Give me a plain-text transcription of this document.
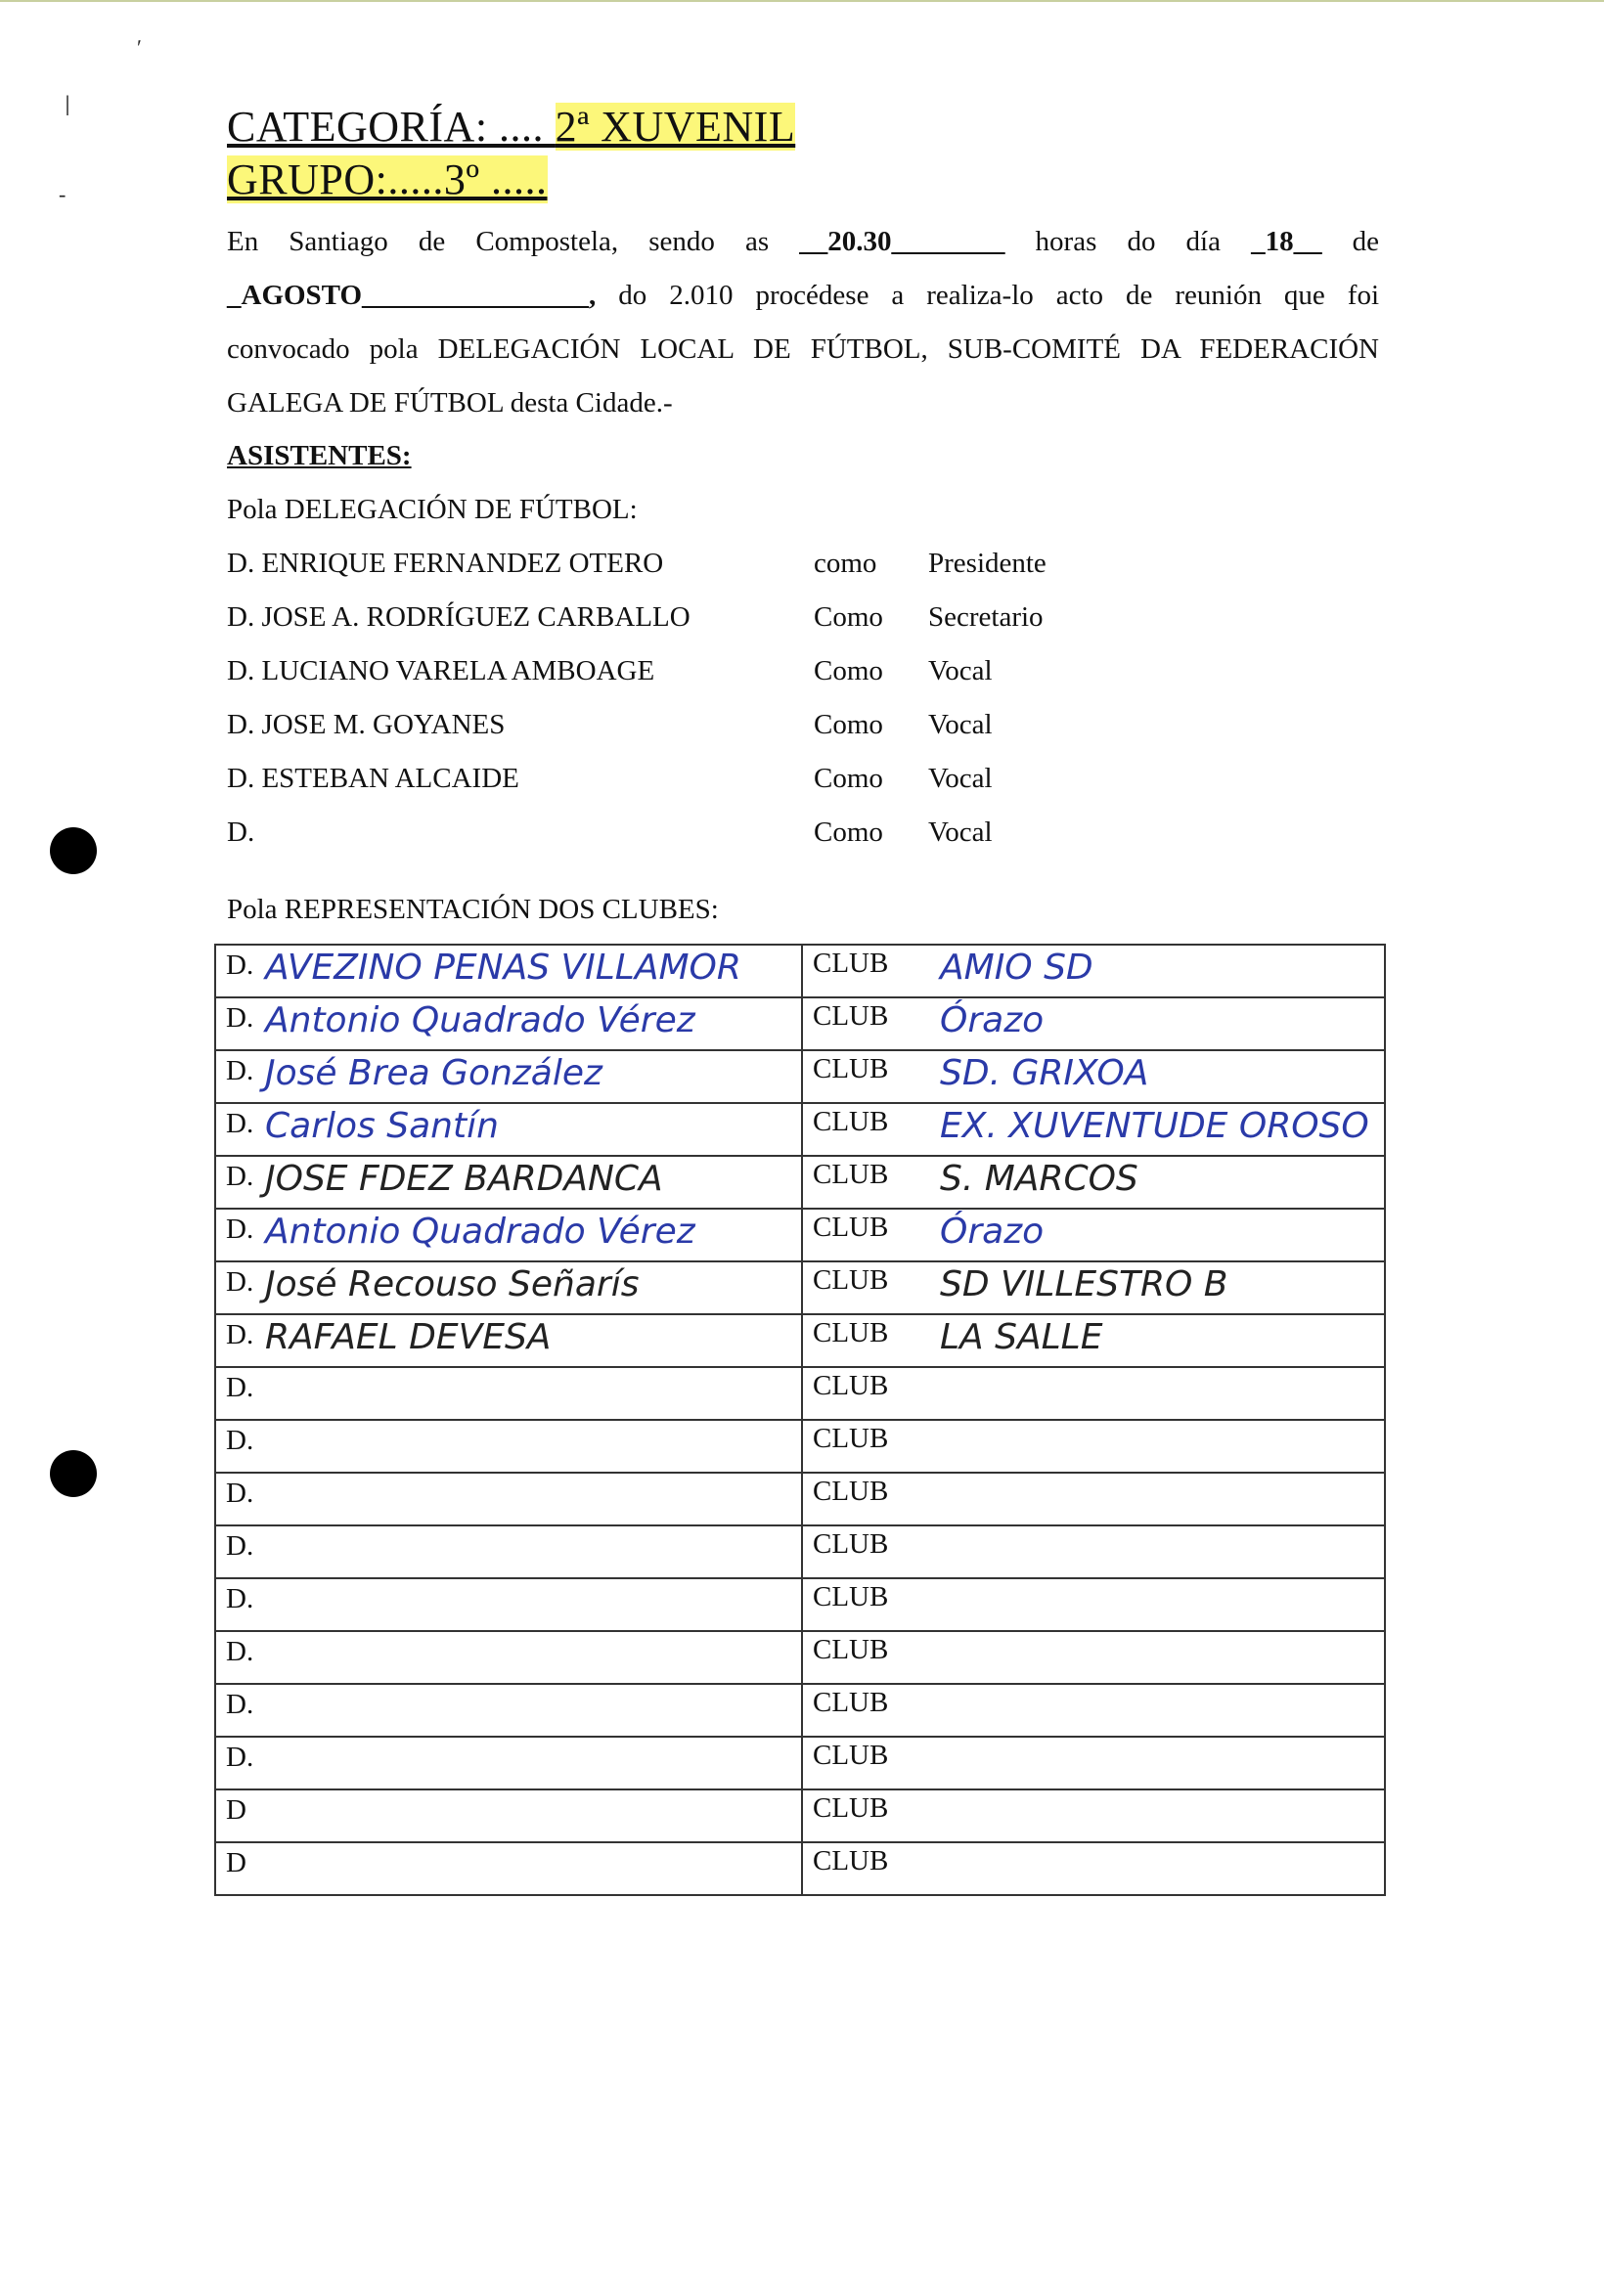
ʹ
ǀ
-
CATEGORÍA: .... 2ª XUVENIL
GRUPO:.....3º .....
En Santiago de Compostela, sendo as __20.30________ horas do día _18__ de
_AGOSTO________________, do 2.010 procédese a realiza-lo acto de reunión que foi
convocado pola DELEGACIÓN LOCAL DE FÚTBOL, SUB-COMITÉ DA FEDERACIÓN
GALEGA DE FÚTBOL desta Cidade.-
ASISTENTES:
Pola DELEGACIÓN DE FÚTBOL:
D. ENRIQUE FERNANDEZ OTERO	como Presidente
D. JOSE A. RODRÍGUEZ CARBALLO	Como Secretario
D. LUCIANO VARELA AMBOAGE	Como Vocal
D. JOSE M. GOYANES	Como Vocal
D. ESTEBAN ALCAIDE	Como Vocal
D.	Como Vocal
Pola REPRESENTACIÓN DOS CLUBES:
D. AVEZINO PENAS VILLAMOR	CLUB AMIO SD

D. Antonio Quadrado Vérez	CLUB Órazo

D. José Brea González	CLUB SD. GRIXOA

D. Carlos Santín	CLUB EX. XUVENTUDE OROSO

D. JOSE FDEZ BARDANCA	CLUB S. MARCOS

D. Antonio Quadrado Vérez	CLUB Órazo

D. José Recouso Señarís	CLUB SD VILLESTRO B

D. RAFAEL DEVESA	CLUB LA SALLE

D.	CLUB

D.	CLUB

D.	CLUB

D.	CLUB

D.	CLUB

D.	CLUB

D.	CLUB

D.	CLUB

D	CLUB

D	CLUB
